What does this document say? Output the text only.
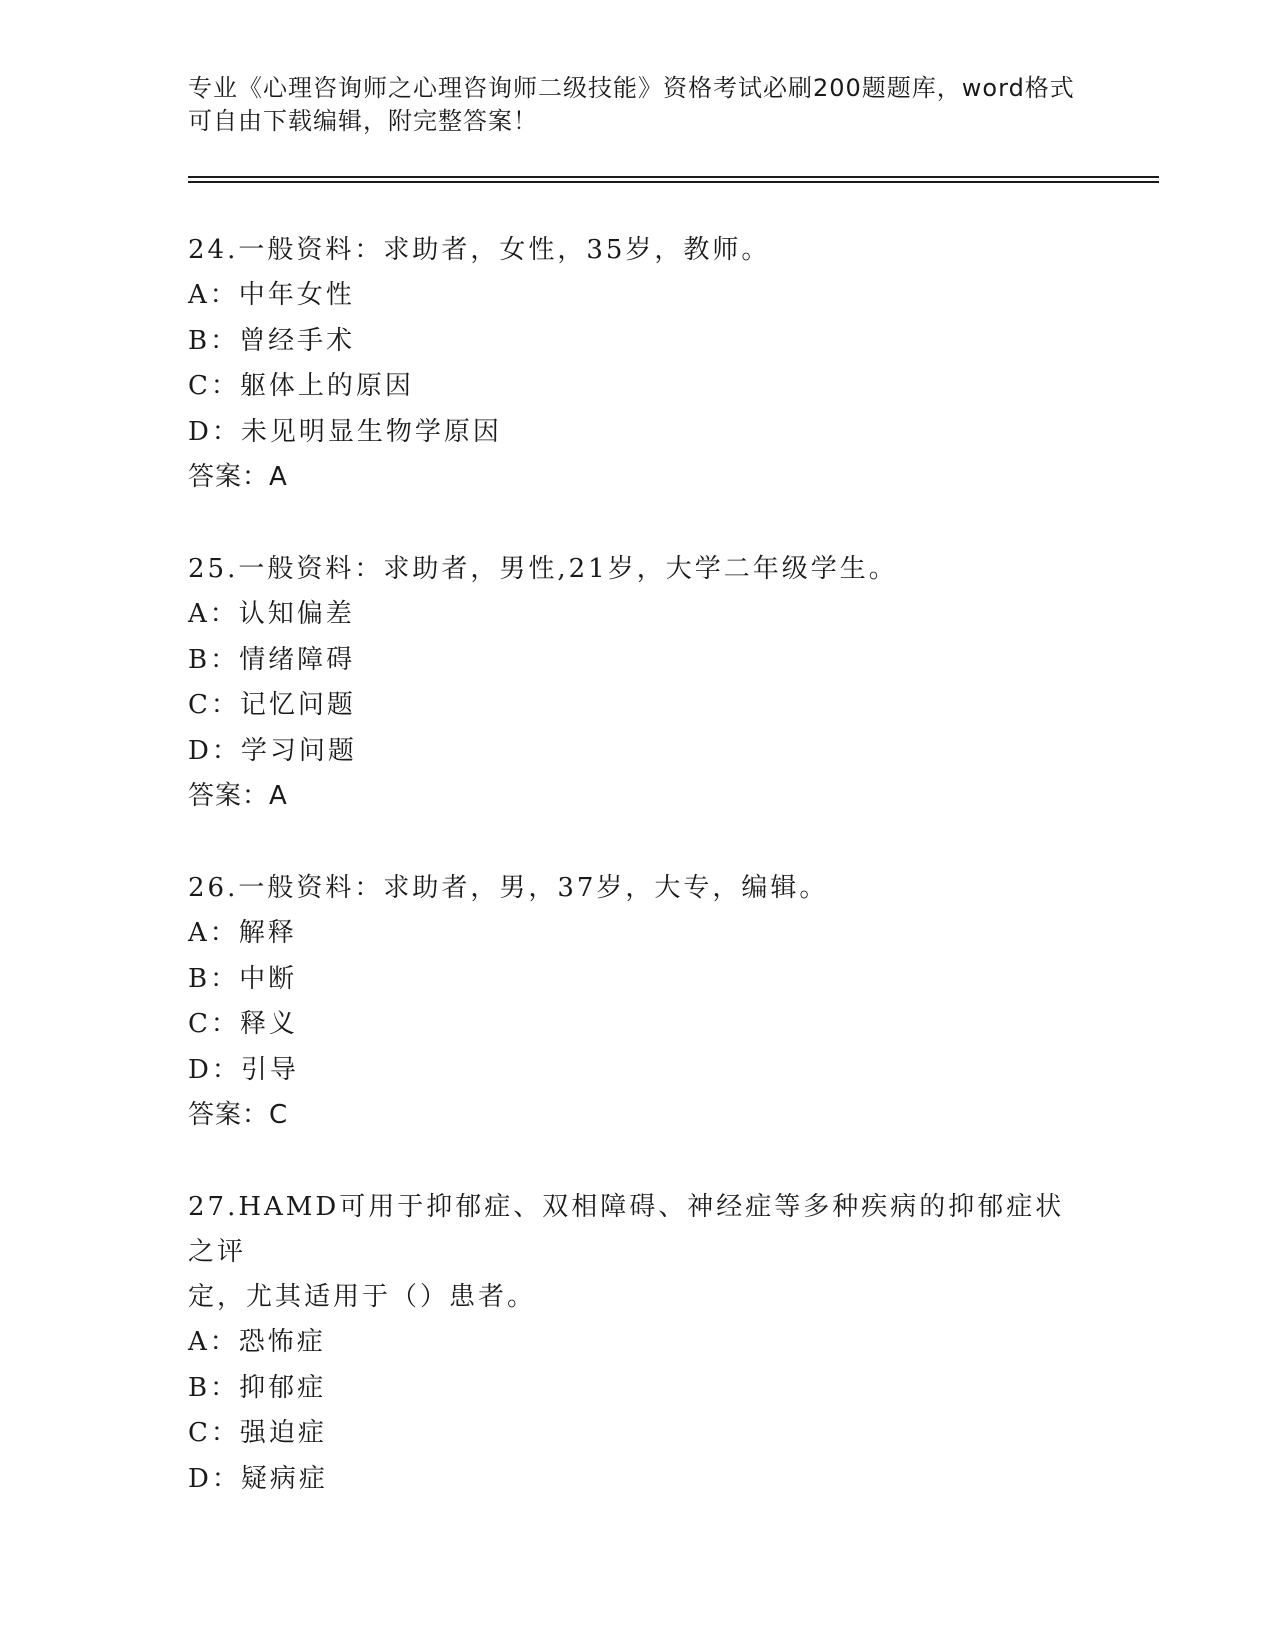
专业《心理咨询师之心理咨询师二级技能》资格考试必刷200题题库，word格式
可自由下载编辑，附完整答案！
24.一般资料：求助者，女性，35岁，教师。
A：中年女性
B：曾经手术
C：躯体上的原因
D：未见明显生物学原因
答案：A
25.一般资料：求助者，男性,21岁，大学二年级学生。
A：认知偏差
B：情绪障碍
C：记忆问题
D：学习问题
答案：A
26.一般资料：求助者，男，37岁，大专，编辑。
A：解释
B：中断
C：释义
D：引导
答案：C
27.HAMD可用于抑郁症、双相障碍、神经症等多种疾病的抑郁症状之评
定，尤其适用于（）患者。
A：恐怖症
B：抑郁症
C：强迫症
D：疑病症
